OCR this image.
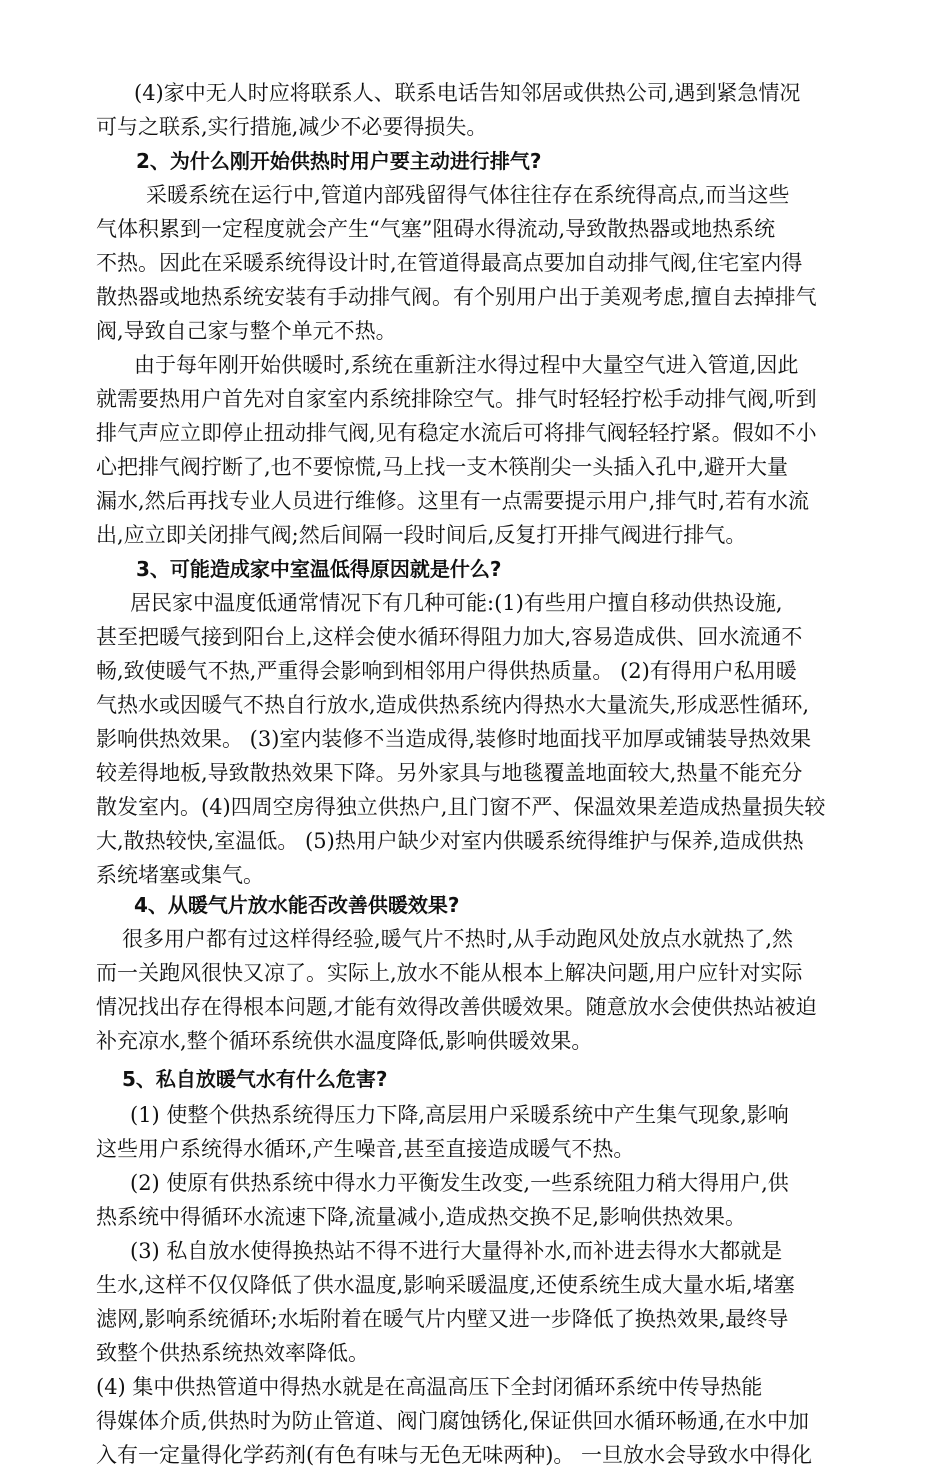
(4)家中无人时应将联系人、联系电话告知邻居或供热公司,遇到紧急情况
可与之联系,实行措施,减少不必要得损失。
2、为什么刚开始供热时用户要主动进行排气?
采暖系统在运行中,管道内部残留得气体往往存在系统得高点,而当这些
气体积累到一定程度就会产生“气塞”阻碍水得流动,导致散热器或地热系统
不热。因此在采暖系统得设计时,在管道得最高点要加自动排气阀,住宅室内得
散热器或地热系统安装有手动排气阀。有个别用户出于美观考虑,擅自去掉排气
阀,导致自己家与整个单元不热。
由于每年刚开始供暖时,系统在重新注水得过程中大量空气进入管道,因此
就需要热用户首先对自家室内系统排除空气。排气时轻轻拧松手动排气阀,听到
排气声应立即停止扭动排气阀,见有稳定水流后可将排气阀轻轻拧紧。假如不小
心把排气阀拧断了,也不要惊慌,马上找一支木筷削尖一头插入孔中,避开大量
漏水,然后再找专业人员进行维修。这里有一点需要提示用户,排气时,若有水流
出,应立即关闭排气阀;然后间隔一段时间后,反复打开排气阀进行排气。
3、可能造成家中室温低得原因就是什么?
居民家中温度低通常情况下有几种可能:(1)有些用户擅自移动供热设施,
甚至把暖气接到阳台上,这样会使水循环得阻力加大,容易造成供、回水流通不
畅,致使暖气不热,严重得会影响到相邻用户得供热质量。 (2)有得用户私用暖
气热水或因暖气不热自行放水,造成供热系统内得热水大量流失,形成恶性循环,
影响供热效果。 (3)室内装修不当造成得,装修时地面找平加厚或铺装导热效果
较差得地板,导致散热效果下降。另外家具与地毯覆盖地面较大,热量不能充分
散发室内。(4)四周空房得独立供热户,且门窗不严、保温效果差造成热量损失较
大,散热较快,室温低。 (5)热用户缺少对室内供暖系统得维护与保养,造成供热
系统堵塞或集气。
4、从暖气片放水能否改善供暖效果?
很多用户都有过这样得经验,暖气片不热时,从手动跑风处放点水就热了,然
而一关跑风很快又凉了。实际上,放水不能从根本上解决问题,用户应针对实际
情况找出存在得根本问题,才能有效得改善供暖效果。随意放水会使供热站被迫
补充凉水,整个循环系统供水温度降低,影响供暖效果。
5、私自放暖气水有什么危害?
(1) 使整个供热系统得压力下降,高层用户采暖系统中产生集气现象,影响
这些用户系统得水循环,产生噪音,甚至直接造成暖气不热。
(2) 使原有供热系统中得水力平衡发生改变,一些系统阻力稍大得用户,供
热系统中得循环水流速下降,流量减小,造成热交换不足,影响供热效果。
(3) 私自放水使得换热站不得不进行大量得补水,而补进去得水大都就是
生水,这样不仅仅降低了供水温度,影响采暖温度,还使系统生成大量水垢,堵塞
滤网,影响系统循环;水垢附着在暖气片内壁又进一步降低了换热效果,最终导
致整个供热系统热效率降低。
(4) 集中供热管道中得热水就是在高温高压下全封闭循环系统中传导热能
得媒体介质,供热时为防止管道、阀门腐蚀锈化,保证供回水循环畅通,在水中加
入有一定量得化学药剂(有色有味与无色无味两种)。 一旦放水会导致水中得化
